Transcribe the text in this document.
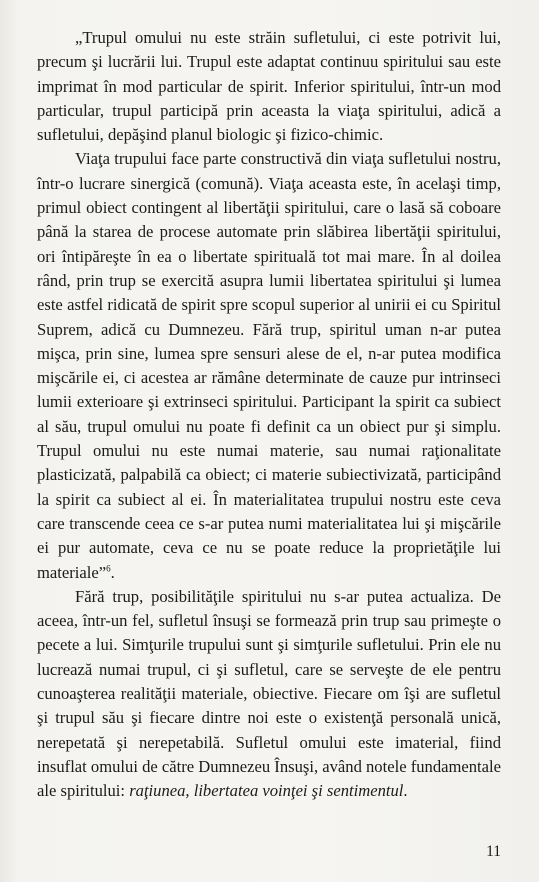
„Trupul omului nu este străin sufletului, ci este potrivit lui, precum şi lucrării lui. Trupul este adaptat continuu spiritului sau este imprimat în mod particular de spirit. Inferior spiritului, într-un mod particular, trupul participă prin aceasta la viaţa spiritului, adică a sufletului, depăşind planul biologic şi fizico-chimic.

Viaţa trupului face parte constructivă din viaţa sufletului nostru, într-o lucrare sinergică (comună). Viaţa aceasta este, în acelaşi timp, primul obiect contingent al libertăţii spiritului, care o lasă să coboare până la starea de procese automate prin slăbirea libertăţii spiritului, ori întipăreşte în ea o libertate spirituală tot mai mare. În al doilea rând, prin trup se exercită asupra lumii libertatea spiritului şi lumea este astfel ridicată de spirit spre scopul superior al unirii ei cu Spiritul Suprem, adică cu Dumnezeu. Fără trup, spiritul uman n-ar putea mişca, prin sine, lumea spre sensuri alese de el, n-ar putea modifica mişcările ei, ci acestea ar rămâne determinate de cauze pur intrinseci lumii exterioare şi extrinseci spiritului. Participant la spirit ca subiect al său, trupul omului nu poate fi definit ca un obiect pur şi simplu. Trupul omului nu este numai materie, sau numai raţionalitate plasticizată, palpabilă ca obiect; ci materie subiectivizată, participând la spirit ca subiect al ei. În materialitatea trupului nostru este ceva care transcende ceea ce s-ar putea numi materialitatea lui şi mişcările ei pur automate, ceva ce nu se poate reduce la proprietăţile lui materiale”$^6$.

Fără trup, posibilităţile spiritului nu s-ar putea actualiza. De aceea, într-un fel, sufletul însuşi se formează prin trup sau primeşte o pecete a lui. Simţurile trupului sunt şi simţurile sufletului. Prin ele nu lucrează numai trupul, ci şi sufletul, care se serveşte de ele pentru cunoaşterea realităţii materiale, obiective. Fiecare om îşi are sufletul şi trupul său şi fiecare dintre noi este o existenţă personală unică, nerepetată şi nerepetabilă. Sufletul omului este imaterial, fiind insuflat omului de către Dumnezeu Însuşi, având notele fundamentale ale spiritului: raţiunea, libertatea voinţei şi sentimentul.

11
